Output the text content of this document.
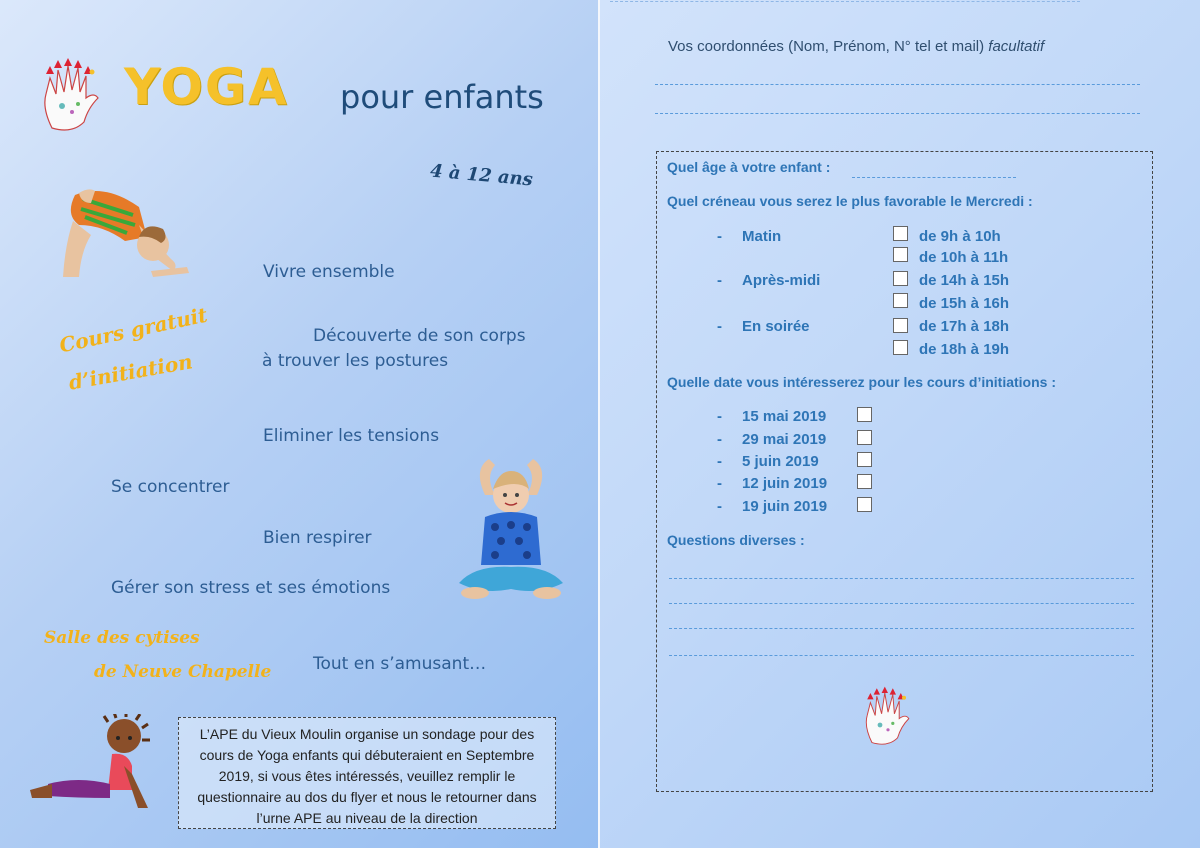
YOGA pour enfants
4 à 12 ans
Cours gratuit
d’initiation
Vivre ensemble
Découverte de son corps
à trouver les postures
Eliminer les tensions
Se concentrer
Bien respirer
Gérer son stress et ses émotions
Tout en s’amusant…
Salle des cytises
de Neuve Chapelle
L’APE du Vieux Moulin organise un sondage pour des cours de Yoga enfants qui débuteraient en Septembre 2019, si vous êtes intéressés, veuillez remplir le questionnaire au dos du flyer et nous le retourner dans l’urne APE au niveau de la direction
Vos coordonnées (Nom, Prénom, N° tel et mail) facultatif
Quel âge à votre enfant :
Quel créneau vous serez le plus favorable le Mercredi :
- Matin	de 9h à 10h
de 10h à 11h
- Après-midi	de 14h à 15h
de 15h à 16h
- En soirée	de 17h à 18h
de 18h à 19h
Quelle date vous intéresserez pour les cours d’initiations :
- 15 mai 2019
- 29 mai 2019
- 5 juin 2019
- 12 juin 2019
- 19 juin 2019
Questions diverses :
